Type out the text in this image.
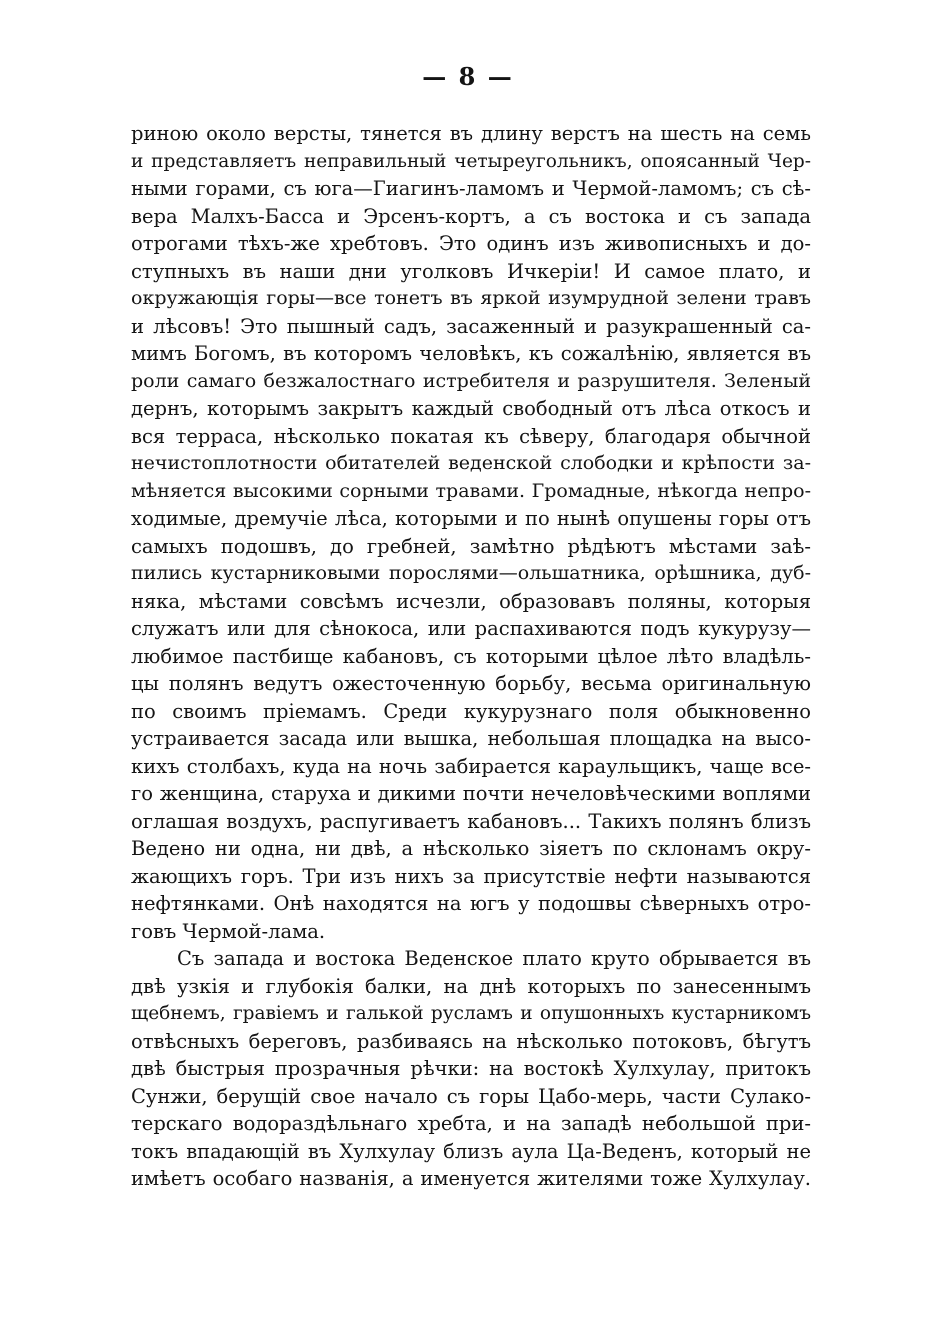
— 8 —
риною около версты, тянется въ длину верстъ на шесть на семь
и представляетъ неправильный четыреугольникъ, опоясанный Чер-
ными горами, съ юга—Гиагинъ-ламомъ и Чермой-ламомъ; съ сѣ-
вера Малхъ-Басса и Эрсенъ-кортъ, а съ востока и съ запада
отрогами тѣхъ-же хребтовъ. Это одинъ изъ живописныхъ и до-
ступныхъ въ наши дни уголковъ Ичкеріи! И самое плато, и
окружающія горы—все тонетъ въ яркой изумрудной зелени травъ
и лѣсовъ! Это пышный садъ, засаженный и разукрашенный са-
мимъ Богомъ, въ которомъ человѣкъ, къ сожалѣнію, является въ
роли самаго безжалостнаго истребителя и разрушителя. Зеленый
дернъ, которымъ закрытъ каждый свободный отъ лѣса откосъ и
вся терраса, нѣсколько покатая къ сѣверу, благодаря обычной
нечистоплотности обитателей веденской слободки и крѣпости за-
мѣняется высокими сорными травами. Громадные, нѣкогда непро-
ходимые, дремучіе лѣса, которыми и по нынѣ опушены горы отъ
самыхъ подошвъ, до гребней, замѣтно рѣдѣютъ мѣстами заѣ-
пились кустарниковыми порослями—ольшатника, орѣшника, дуб-
няка, мѣстами совсѣмъ исчезли, образовавъ поляны, которыя
служатъ или для сѣнокоса, или распахиваются подъ кукурузу—
любимое пастбище кабановъ, съ которыми цѣлое лѣто владѣль-
цы полянъ ведутъ ожесточенную борьбу, весьма оригинальную
по своимъ пріемамъ. Среди кукурузнаго поля обыкновенно
устраивается засада или вышка, небольшая площадка на высо-
кихъ столбахъ, куда на ночь забирается караульщикъ, чаще все-
го женщина, старуха и дикими почти нечеловѣческими воплями
оглашая воздухъ, распугиваетъ кабановъ... Такихъ полянъ близъ
Ведено ни одна, ни двѣ, а нѣсколько зіяетъ по склонамъ окру-
жающихъ горъ. Три изъ нихъ за присутствіе нефти называются
нефтянками. Онѣ находятся на югъ у подошвы сѣверныхъ отро-
говъ Чермой-лама.
Съ запада и востока Веденское плато круто обрывается въ
двѣ узкія и глубокія балки, на днѣ которыхъ по занесеннымъ
щебнемъ, гравіемъ и галькой русламъ и опушонныхъ кустарникомъ
отвѣсныхъ береговъ, разбиваясь на нѣсколько потоковъ, бѣгутъ
двѣ быстрыя прозрачныя рѣчки: на востокѣ Хулхулау, притокъ
Сунжи, берущій свое начало съ горы Цабо-мерь, части Сулако-
терскаго водораздѣльнаго хребта, и на западѣ небольшой при-
токъ впадающій въ Хулхулау близъ аула Ца-Веденъ, который не
имѣетъ особаго названія, а именуется жителями тоже Хулхулау.
